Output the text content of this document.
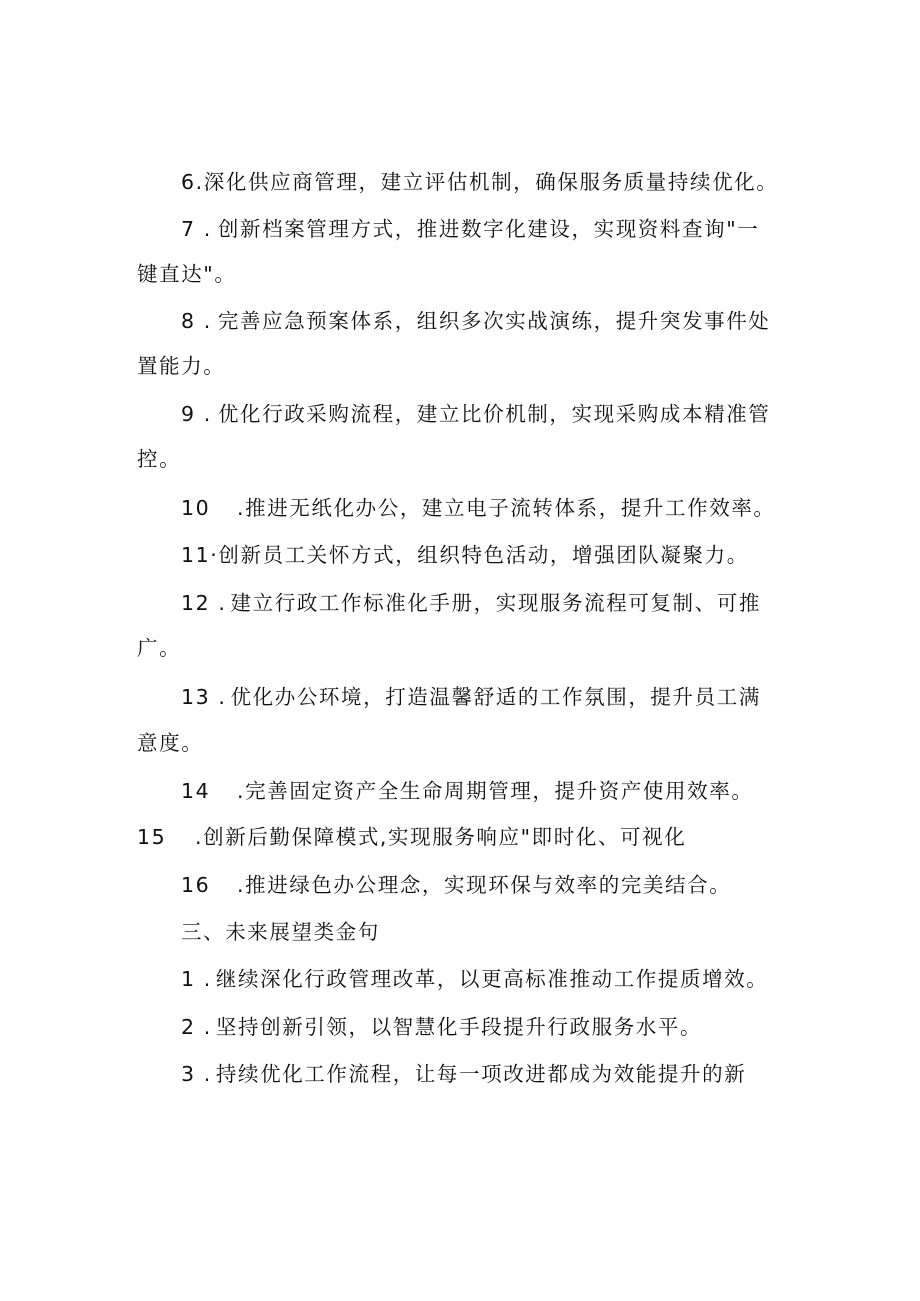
6.深化供应商管理，建立评估机制，确保服务质量持续优化。
7 . 创新档案管理方式，推进数字化建设，实现资料查询"一
键直达"。
8 . 完善应急预案体系，组织多次实战演练，提升突发事件处
置能力。
9 . 优化行政采购流程，建立比价机制，实现采购成本精准管
控。
10 .推进无纸化办公，建立电子流转体系，提升工作效率。
11·创新员工关怀方式，组织特色活动，增强团队凝聚力。
12 . 建立行政工作标准化手册，实现服务流程可复制、可推
广。
13 . 优化办公环境，打造温馨舒适的工作氛围，提升员工满
意度。
14 .完善固定资产全生命周期管理，提升资产使用效率。
15 .创新后勤保障模式,实现服务响应"即时化、可视化
16 .推进绿色办公理念，实现环保与效率的完美结合。
三、未来展望类金句
1 . 继续深化行政管理改革，以更高标准推动工作提质增效。
2 . 坚持创新引领，以智慧化手段提升行政服务水平。
3 . 持续优化工作流程，让每一项改进都成为效能提升的新
